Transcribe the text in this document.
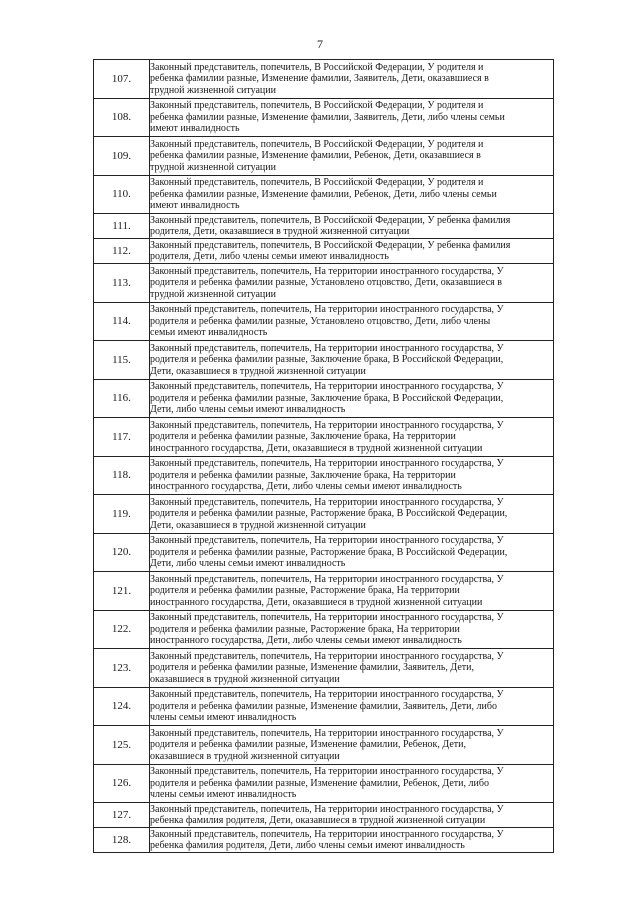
7
107.	Законный представитель, попечитель, В Российской Федерации, У родителя и
ребенка фамилии разные, Изменение фамилии, Заявитель, Дети, оказавшиеся в
трудной жизненной ситуации

108.	Законный представитель, попечитель, В Российской Федерации, У родителя и
ребенка фамилии разные, Изменение фамилии, Заявитель, Дети, либо члены семьи
имеют инвалидность

109.	Законный представитель, попечитель, В Российской Федерации, У родителя и
ребенка фамилии разные, Изменение фамилии, Ребенок, Дети, оказавшиеся в
трудной жизненной ситуации

110.	Законный представитель, попечитель, В Российской Федерации, У родителя и
ребенка фамилии разные, Изменение фамилии, Ребенок, Дети, либо члены семьи
имеют инвалидность

111.	Законный представитель, попечитель, В Российской Федерации, У ребенка фамилия
родителя, Дети, оказавшиеся в трудной жизненной ситуации

112.	Законный представитель, попечитель, В Российской Федерации, У ребенка фамилия
родителя, Дети, либо члены семьи имеют инвалидность

113.	Законный представитель, попечитель, На территории иностранного государства, У
родителя и ребенка фамилии разные, Установлено отцовство, Дети, оказавшиеся в
трудной жизненной ситуации

114.	Законный представитель, попечитель, На территории иностранного государства, У
родителя и ребенка фамилии разные, Установлено отцовство, Дети, либо члены
семьи имеют инвалидность

115.	Законный представитель, попечитель, На территории иностранного государства, У
родителя и ребенка фамилии разные, Заключение брака, В Российской Федерации,
Дети, оказавшиеся в трудной жизненной ситуации

116.	Законный представитель, попечитель, На территории иностранного государства, У
родителя и ребенка фамилии разные, Заключение брака, В Российской Федерации,
Дети, либо члены семьи имеют инвалидность

117.	Законный представитель, попечитель, На территории иностранного государства, У
родителя и ребенка фамилии разные, Заключение брака, На территории
иностранного государства, Дети, оказавшиеся в трудной жизненной ситуации

118.	Законный представитель, попечитель, На территории иностранного государства, У
родителя и ребенка фамилии разные, Заключение брака, На территории
иностранного государства, Дети, либо члены семьи имеют инвалидность

119.	Законный представитель, попечитель, На территории иностранного государства, У
родителя и ребенка фамилии разные, Расторжение брака, В Российской Федерации,
Дети, оказавшиеся в трудной жизненной ситуации

120.	Законный представитель, попечитель, На территории иностранного государства, У
родителя и ребенка фамилии разные, Расторжение брака, В Российской Федерации,
Дети, либо члены семьи имеют инвалидность

121.	Законный представитель, попечитель, На территории иностранного государства, У
родителя и ребенка фамилии разные, Расторжение брака, На территории
иностранного государства, Дети, оказавшиеся в трудной жизненной ситуации

122.	Законный представитель, попечитель, На территории иностранного государства, У
родителя и ребенка фамилии разные, Расторжение брака, На территории
иностранного государства, Дети, либо члены семьи имеют инвалидность

123.	Законный представитель, попечитель, На территории иностранного государства, У
родителя и ребенка фамилии разные, Изменение фамилии, Заявитель, Дети,
оказавшиеся в трудной жизненной ситуации

124.	Законный представитель, попечитель, На территории иностранного государства, У
родителя и ребенка фамилии разные, Изменение фамилии, Заявитель, Дети, либо
члены семьи имеют инвалидность

125.	Законный представитель, попечитель, На территории иностранного государства, У
родителя и ребенка фамилии разные, Изменение фамилии, Ребенок, Дети,
оказавшиеся в трудной жизненной ситуации

126.	Законный представитель, попечитель, На территории иностранного государства, У
родителя и ребенка фамилии разные, Изменение фамилии, Ребенок, Дети, либо
члены семьи имеют инвалидность

127.	Законный представитель, попечитель, На территории иностранного государства, У
ребенка фамилия родителя, Дети, оказавшиеся в трудной жизненной ситуации

128.	Законный представитель, попечитель, На территории иностранного государства, У
ребенка фамилия родителя, Дети, либо члены семьи имеют инвалидность
